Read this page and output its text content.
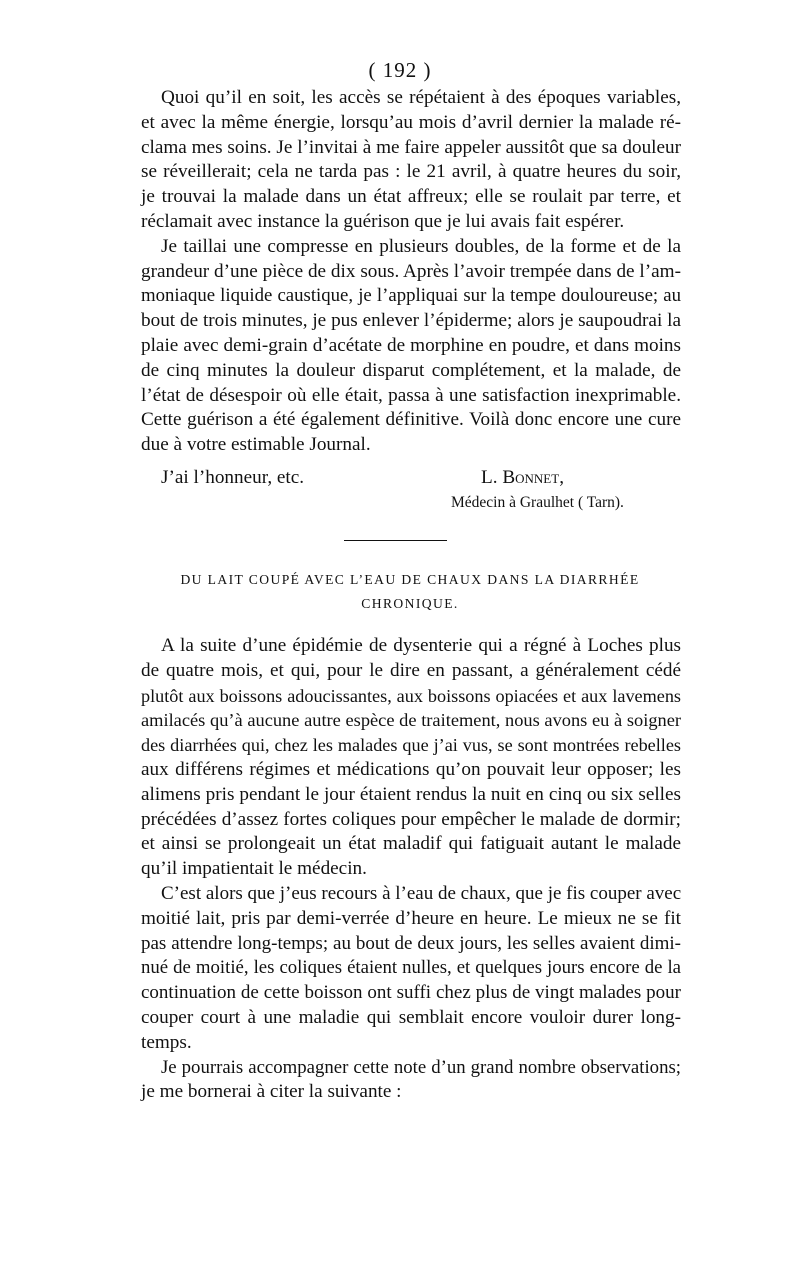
( 192 )

Quoi qu’il en soit, les accès se répétaient à des époques variables,
et avec la même énergie, lorsqu’au mois d’avril dernier la malade ré-
clama mes soins. Je l’invitai à me faire appeler aussitôt que sa douleur
se réveillerait; cela ne tarda pas : le 21 avril, à quatre heures du soir,
je trouvai la malade dans un état affreux; elle se roulait par terre, et
réclamait avec instance la guérison que je lui avais fait espérer.

Je taillai une compresse en plusieurs doubles, de la forme et de la
grandeur d’une pièce de dix sous. Après l’avoir trempée dans de l’am-
moniaque liquide caustique, je l’appliquai sur la tempe douloureuse; au
bout de trois minutes, je pus enlever l’épiderme; alors je saupoudrai la
plaie avec demi-grain d’acétate de morphine en poudre, et dans moins
de cinq minutes la douleur disparut complétement, et la malade, de
l’état de désespoir où elle était, passa à une satisfaction inexprimable.
Cette guérison a été également définitive. Voilà donc encore une cure
due à votre estimable Journal.

J’ai l’honneur, etc.	L. Bonnet,
Médecin à Graulhet ( Tarn).
DU LAIT COUPÉ AVEC L’EAU DE CHAUX DANS LA DIARRHÉE
CHRONIQUE.

A la suite d’une épidémie de dysenterie qui a régné à Loches plus
de quatre mois, et qui, pour le dire en passant, a généralement cédé
plutôt aux boissons adoucissantes, aux boissons opiacées et aux lavemens
amilacés qu’à aucune autre espèce de traitement, nous avons eu à soigner
des diarrhées qui, chez les malades que j’ai vus, se sont montrées rebelles
aux différens régimes et médications qu’on pouvait leur opposer; les
alimens pris pendant le jour étaient rendus la nuit en cinq ou six selles
précédées d’assez fortes coliques pour empêcher le malade de dormir;
et ainsi se prolongeait un état maladif qui fatiguait autant le malade
qu’il impatientait le médecin.

C’est alors que j’eus recours à l’eau de chaux, que je fis couper avec
moitié lait, pris par demi-verrée d’heure en heure. Le mieux ne se fit
pas attendre long-temps; au bout de deux jours, les selles avaient dimi-
nué de moitié, les coliques étaient nulles, et quelques jours encore de la
continuation de cette boisson ont suffi chez plus de vingt malades pour
couper court à une maladie qui semblait encore vouloir durer long-
temps.

Je pourrais accompagner cette note d’un grand nombre observations;
je me bornerai à citer la suivante :
